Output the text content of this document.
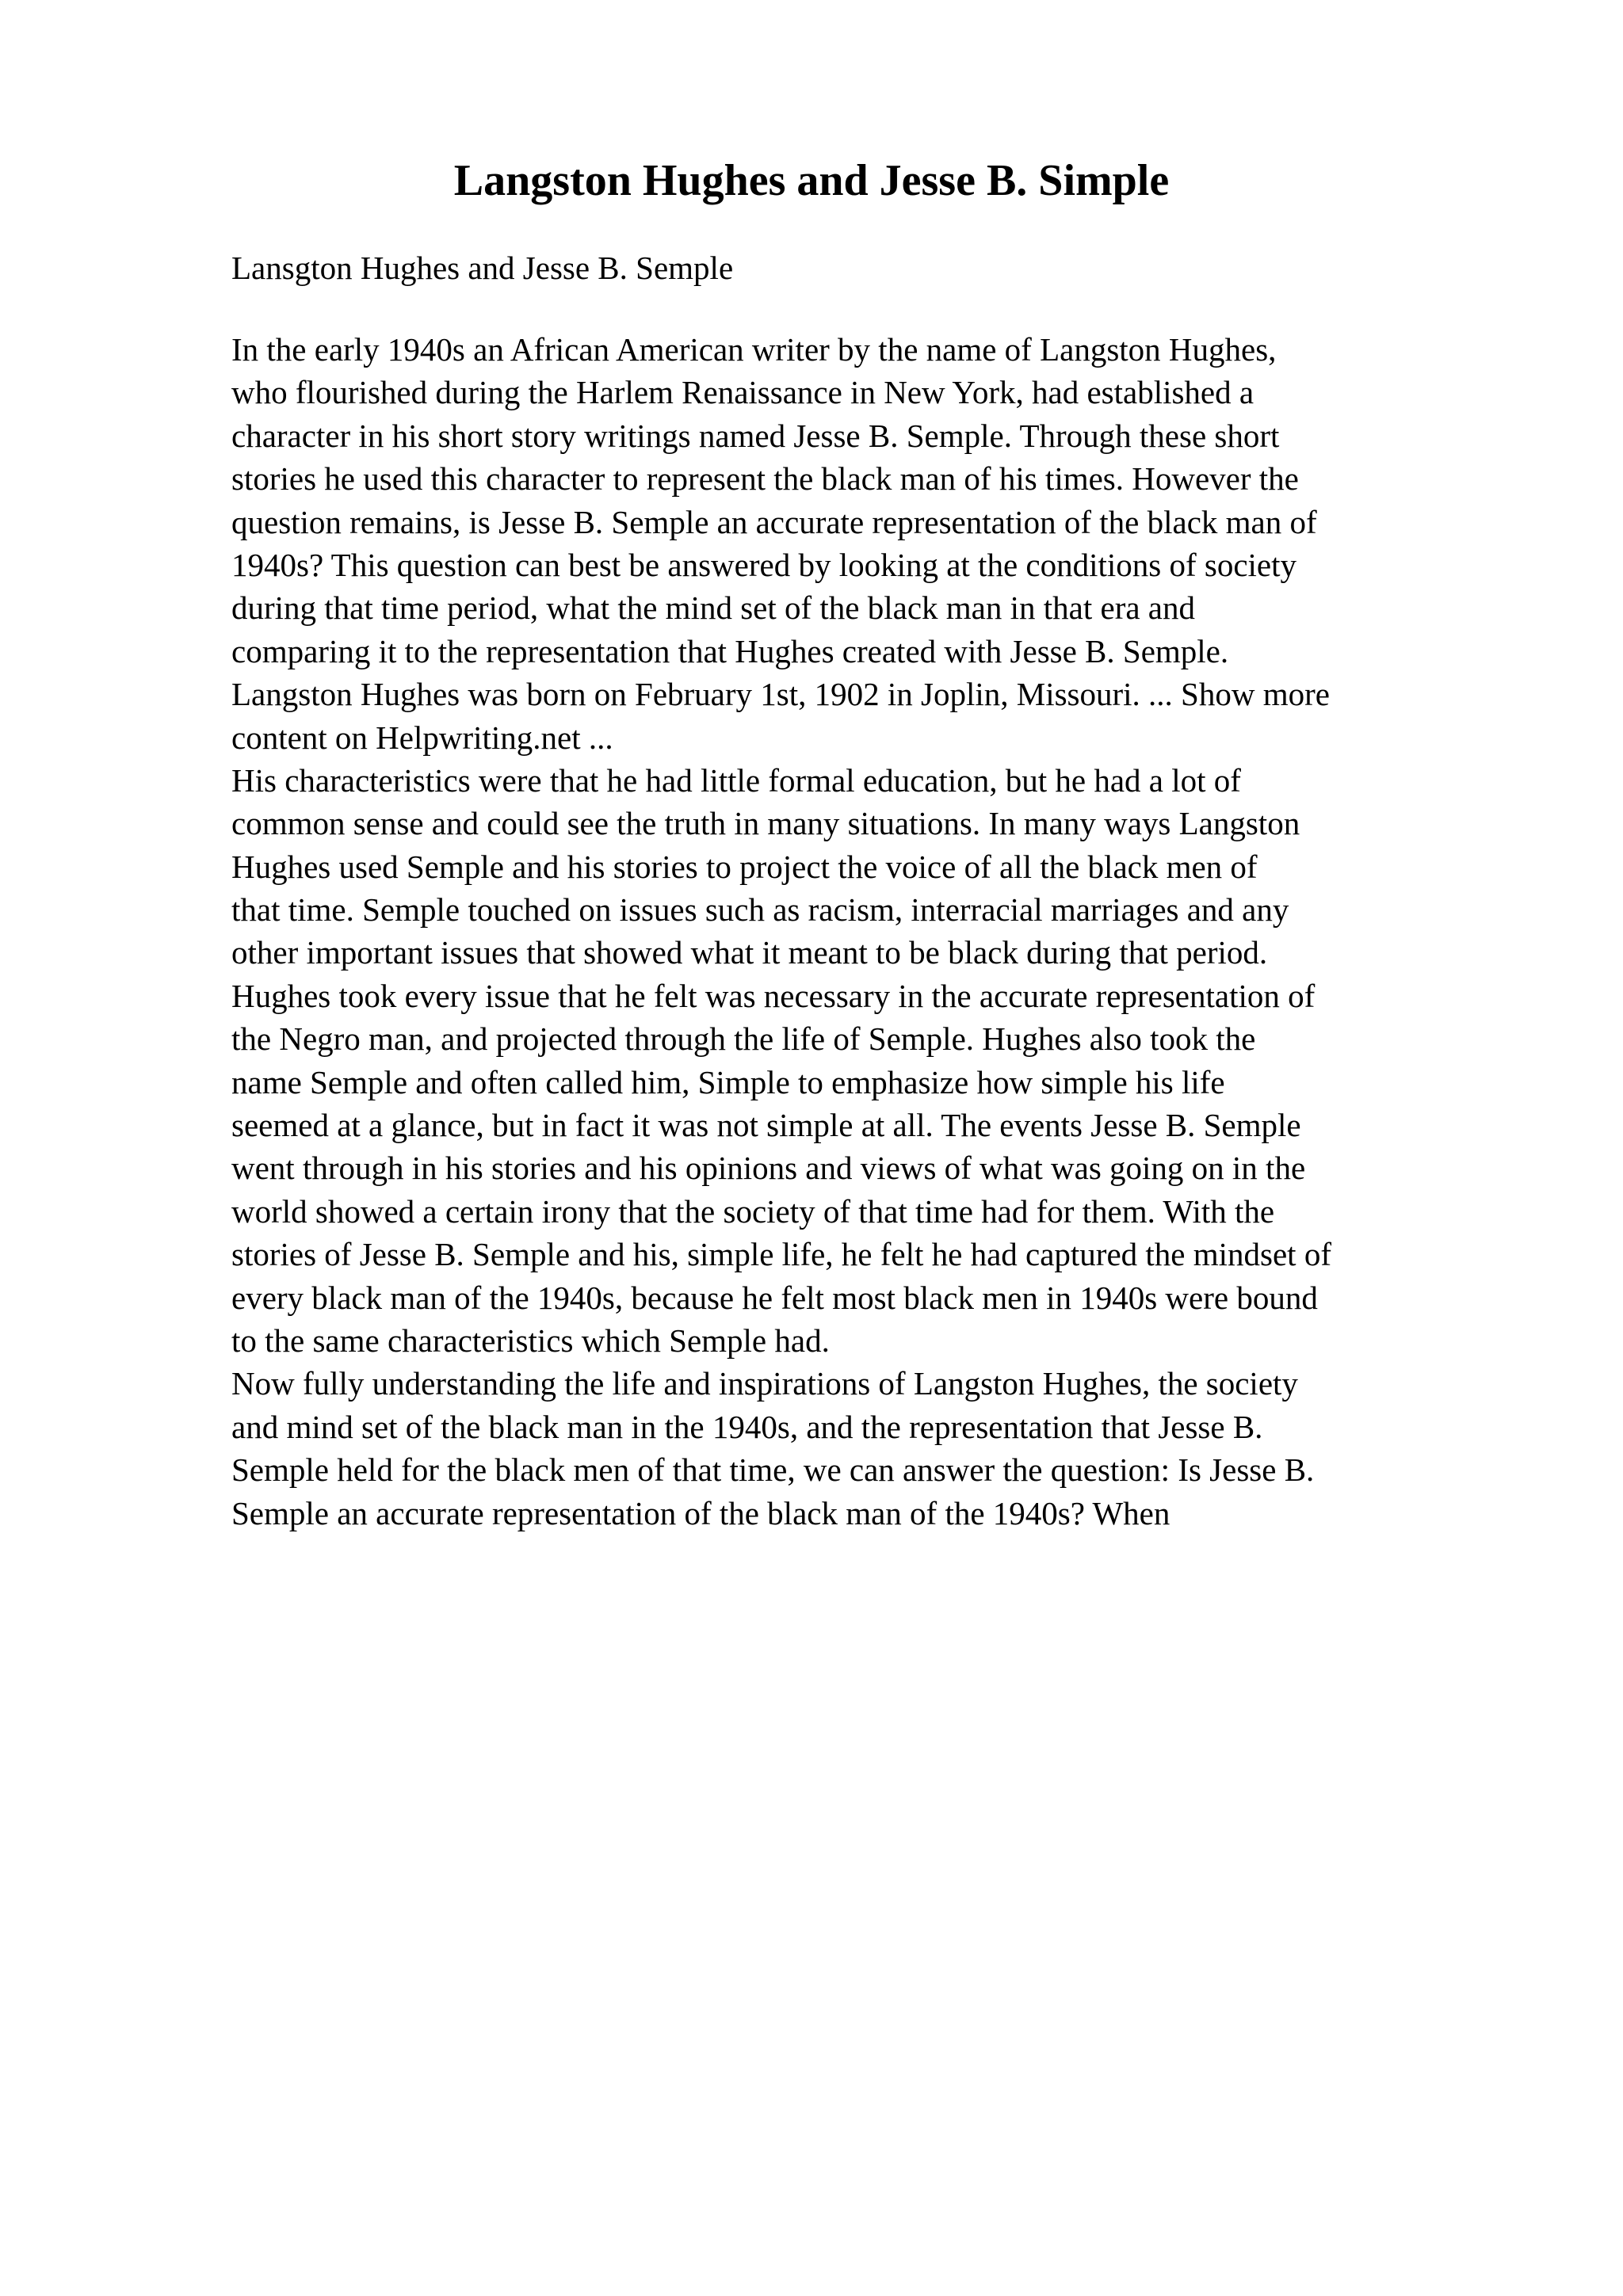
Langston Hughes and Jesse B. Simple

Lansgton Hughes and Jesse B. Semple

In the early 1940s an African American writer by the name of Langston Hughes,
who flourished during the Harlem Renaissance in New York, had established a
character in his short story writings named Jesse B. Semple. Through these short
stories he used this character to represent the black man of his times. However the
question remains, is Jesse B. Semple an accurate representation of the black man of
1940s? This question can best be answered by looking at the conditions of society
during that time period, what the mind set of the black man in that era and
comparing it to the representation that Hughes created with Jesse B. Semple.
Langston Hughes was born on February 1st, 1902 in Joplin, Missouri. ... Show more
content on Helpwriting.net ...
His characteristics were that he had little formal education, but he had a lot of
common sense and could see the truth in many situations. In many ways Langston
Hughes used Semple and his stories to project the voice of all the black men of
that time. Semple touched on issues such as racism, interracial marriages and any
other important issues that showed what it meant to be black during that period.
Hughes took every issue that he felt was necessary in the accurate representation of
the Negro man, and projected through the life of Semple. Hughes also took the
name Semple and often called him, Simple to emphasize how simple his life
seemed at a glance, but in fact it was not simple at all. The events Jesse B. Semple
went through in his stories and his opinions and views of what was going on in the
world showed a certain irony that the society of that time had for them. With the
stories of Jesse B. Semple and his, simple life, he felt he had captured the mindset of
every black man of the 1940s, because he felt most black men in 1940s were bound
to the same characteristics which Semple had.
Now fully understanding the life and inspirations of Langston Hughes, the society
and mind set of the black man in the 1940s, and the representation that Jesse B.
Semple held for the black men of that time, we can answer the question: Is Jesse B.
Semple an accurate representation of the black man of the 1940s? When
